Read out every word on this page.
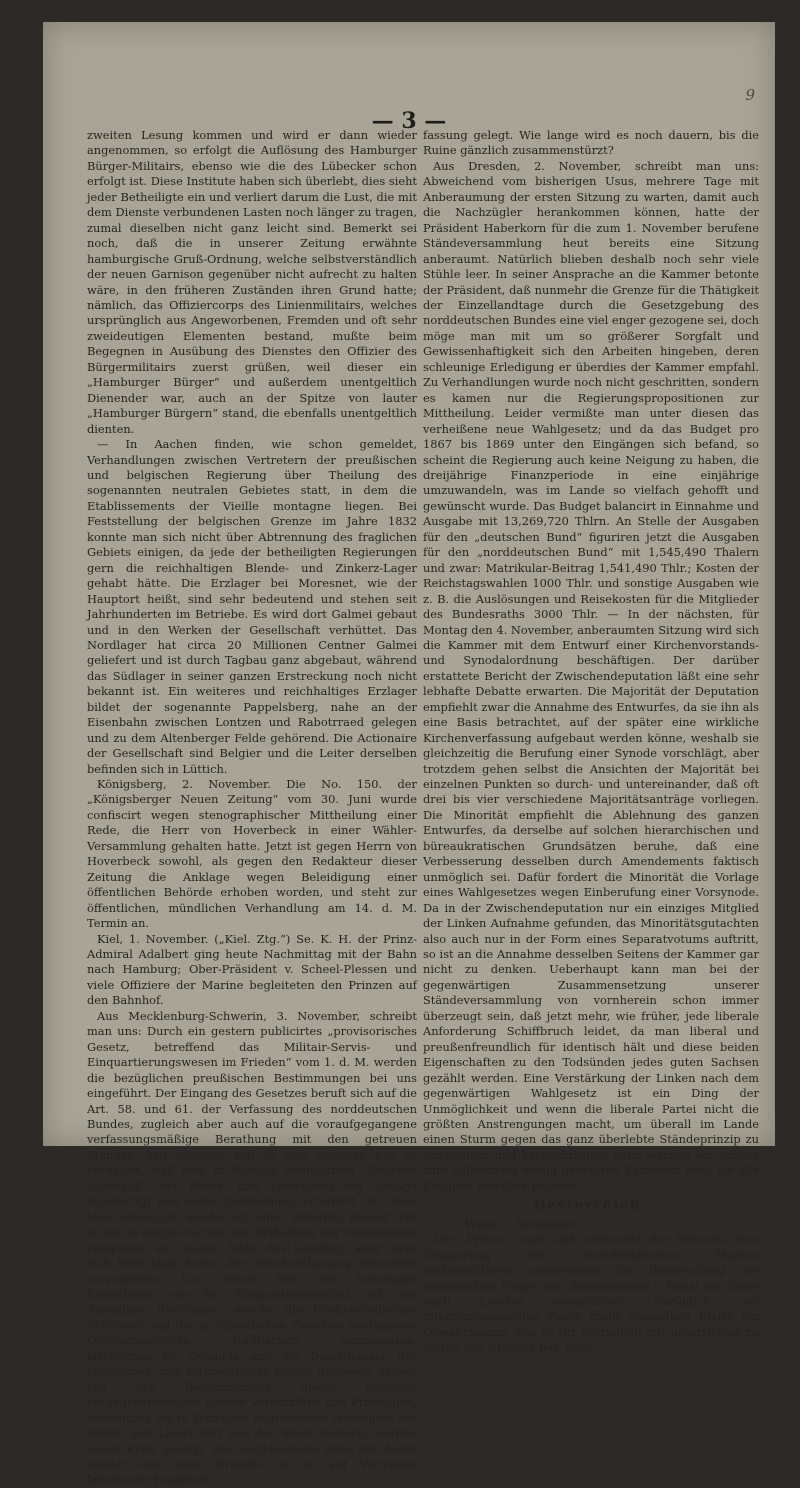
9
— 3 —

zweiten Lesung kommen und wird er dann wieder angenommen, so erfolgt die Auflösung des Hamburger Bürger-Militairs, ebenso wie die des Lübecker schon erfolgt ist. Diese Institute haben sich überlebt, dies sieht jeder Betheiligte ein und verliert darum die Lust, die mit dem Dienste verbundenen Lasten noch länger zu tragen, zumal dieselben nicht ganz leicht sind. Bemerkt sei noch, daß die in unserer Zeitung erwähnte hamburgische Gruß-Ordnung, welche selbstverständlich der neuen Garnison gegenüber nicht aufrecht zu halten wäre, in den früheren Zuständen ihren Grund hatte; nämlich, das Offiziercorps des Linienmilitairs, welches ursprünglich aus Angeworbenen, Fremden und oft sehr zweideutigen Elementen bestand, mußte beim Begegnen in Ausübung des Dienstes den Offizier des Bürgermilitairs zuerst grüßen, weil dieser ein „Hamburger Bürger“ und außerdem unentgeltlich Dienender war, auch an der Spitze von lauter „Hamburger Bürgern“ stand, die ebenfalls unentgeltlich dienten.

— In Aachen finden, wie schon gemeldet, Verhandlungen zwischen Vertretern der preußischen und belgischen Regierung über Theilung des sogenannten neutralen Gebietes statt, in dem die Etablissements der Vieille montagne liegen. Bei Feststellung der belgischen Grenze im Jahre 1832 konnte man sich nicht über Abtrennung des fraglichen Gebiets einigen, da jede der betheiligten Regierungen gern die reichhaltigen Blende- und Zinkerz-Lager gehabt hätte. Die Erzlager bei Moresnet, wie der Hauptort heißt, sind sehr bedeutend und stehen seit Jahrhunderten im Betriebe. Es wird dort Galmei gebaut und in den Werken der Gesellschaft verhüttet. Das Nordlager hat circa 20 Millionen Centner Galmei geliefert und ist durch Tagbau ganz abgebaut, während das Südlager in seiner ganzen Erstreckung noch nicht bekannt ist. Ein weiteres und reichhaltiges Erzlager bildet der sogenannte Pappelsberg, nahe an der Eisenbahn zwischen Lontzen und Rabotrraed gelegen und zu dem Altenberger Felde gehörend. Die Actionaire der Gesellschaft sind Belgier und die Leiter derselben befinden sich in Lüttich.

Königsberg, 2. November. Die No. 150. der „Königsberger Neuen Zeitung“ vom 30. Juni wurde confiscirt wegen stenographischer Mittheilung einer Rede, die Herr von Hoverbeck in einer Wähler-Versammlung gehalten hatte. Jetzt ist gegen Herrn von Hoverbeck sowohl, als gegen den Redakteur dieser Zeitung die Anklage wegen Beleidigung einer öffentlichen Behörde erhoben worden, und steht zur öffentlichen, mündlichen Verhandlung am 14. d. M. Termin an.

Kiel, 1. November. („Kiel. Ztg.“) Se. K. H. der Prinz-Admiral Adalbert ging heute Nachmittag mit der Bahn nach Hamburg; Ober-Präsident v. Scheel-Plessen und viele Offiziere der Marine begleiteten den Prinzen auf den Bahnhof.

Aus Mecklenburg-Schwerin, 3. November, schreibt man uns: Durch ein gestern publicirtes „provisorisches Gesetz, betreffend das Militair-Servis- und Einquartierungswesen im Frieden“ vom 1. d. M. werden die bezüglichen preußischen Bestimmungen bei uns eingeführt. Der Eingang des Gesetzes beruft sich auf die Art. 58. und 61. der Verfassung des norddeutschen Bundes, zugleich aber auch auf die voraufgegangene verfassungsmäßige Berathung mit den getreuen Ständen. Mit letzterer soll es sich indessen nur so verhalten, daß dem in Rostock domicilirten „Engeren Ausschuß“ der Ritter- und Landschaft die Vorlage zugefertigt und seine Zustimmung erfordert ist, diese aber verweigert worden ist, unter Berufung darauf, daß er nur in eiligen Sachen zur Ertheilung der Zustimmung competent sei, wegen Nähe des Landtags aber nicht sich berechtigt halte, der Beschlußfassung desselben vorzugreifen. Das Gesetz hebt alle bisherigen Exemtionen von der Einquartierungslast auf, mit Ausnahme derjenigen, welche die Großherzoglichen Schlösser und die zu öffentlichen Zwecken bestimmten Großherzoglichen, städtischen, communalen, kirchlichen zc. Gebäude und die Diensthäuser der Geistlichen und Kirchendiener bisher genossen haben. Die den Bestimmungen dieses Gesetzes entgegenstehenden älteren Vorschriften und Privilegien, namentlich die in Verträgen begründeten Privilegien der Ritter- und Landschaft und der Stadt Rostock, werden außer Kraft gesetzt. Der norddeutsche Bund hat damit wieder eine neue Bresche in die auf Verträgen beruhende Feudalver-

fassung gelegt. Wie lange wird es noch dauern, bis die Ruine gänzlich zusammenstürzt?

Aus Dresden, 2. November, schreibt man uns: Abweichend vom bisherigen Usus, mehrere Tage mit Anberaumung der ersten Sitzung zu warten, damit auch die Nachzügler herankommen können, hatte der Präsident Haberkorn für die zum 1. November berufene Ständeversammlung heut bereits eine Sitzung anberaumt. Natürlich blieben deshalb noch sehr viele Stühle leer. In seiner Ansprache an die Kammer betonte der Präsident, daß nunmehr die Grenze für die Thätigkeit der Einzellandtage durch die Gesetzgebung des norddeutschen Bundes eine viel enger gezogene sei, doch möge man mit um so größerer Sorgfalt und Gewissenhaftigkeit sich den Arbeiten hingeben, deren schleunige Erledigung er überdies der Kammer empfahl. Zu Verhandlungen wurde noch nicht geschritten, sondern es kamen nur die Regierungspropositionen zur Mittheilung. Leider vermißte man unter diesen das verheißene neue Wahlgesetz; und da das Budget pro 1867 bis 1869 unter den Eingängen sich befand, so scheint die Regierung auch keine Neigung zu haben, die dreijährige Finanzperiode in eine einjährige umzuwandeln, was im Lande so vielfach gehofft und gewünscht wurde. Das Budget balancirt in Einnahme und Ausgabe mit 13,269,720 Thlrn. An Stelle der Ausgaben für den „deutschen Bund“ figuriren jetzt die Ausgaben für den „norddeutschen Bund“ mit 1,545,490 Thalern und zwar: Matrikular-Beitrag 1,541,490 Thlr.; Kosten der Reichstagswahlen 1000 Thlr. und sonstige Ausgaben wie z. B. die Auslösungen und Reisekosten für die Mitglieder des Bundesraths 3000 Thlr. — In der nächsten, für Montag den 4. November, anberaumten Sitzung wird sich die Kammer mit dem Entwurf einer Kirchenvorstands- und Synodalordnung beschäftigen. Der darüber erstattete Bericht der Zwischendeputation läßt eine sehr lebhafte Debatte erwarten. Die Majorität der Deputation empfiehlt zwar die Annahme des Entwurfes, da sie ihn als eine Basis betrachtet, auf der später eine wirkliche Kirchenverfassung aufgebaut werden könne, weshalb sie gleichzeitig die Berufung einer Synode vorschlägt, aber trotzdem gehen selbst die Ansichten der Majorität bei einzelnen Punkten so durch- und untereinander, daß oft drei bis vier verschiedene Majoritätsanträge vorliegen. Die Minorität empfiehlt die Ablehnung des ganzen Entwurfes, da derselbe auf solchen hierarchischen und büreaukratischen Grundsätzen beruhe, daß eine Verbesserung desselben durch Amendements faktisch unmöglich sei. Dafür fordert die Minorität die Vorlage eines Wahlgesetzes wegen Einberufung einer Vorsynode. Da in der Zwischendeputation nur ein einziges Mitglied der Linken Aufnahme gefunden, das Minoritätsgutachten also auch nur in der Form eines Separatvotums auftritt, so ist an die Annahme desselben Seitens der Kammer gar nicht zu denken. Ueberhaupt kann man bei der gegenwärtigen Zusammensetzung unserer Ständeversammlung von vornherein schon immer überzeugt sein, daß jetzt mehr, wie früher, jede liberale Anforderung Schiffbruch leidet, da man liberal und preußenfreundlich für identisch hält und diese beiden Eigenschaften zu den Todsünden jedes guten Sachsen gezählt werden. Eine Verstärkung der Linken nach dem gegenwärtigen Wahlgesetz ist ein Ding der Unmöglichkeit und wenn die liberale Partei nicht die größten Anstrengungen macht, um überall im Lande einen Sturm gegen das ganz überlebte Ständeprinzip zu organisiren und hervorzurufen, dann werden wir unsere zum Selbstmord wenig geneigten Kammern wohl für alle Ewigkeit behalten müssen.

Oesterreich.

Wien, 3. November.

Die „Presse“ sagt, daß einerseits der Versuch, eine Gruppirung der abendländischen Staaten herbeizuführen, andererseits die Besprechung der italienischen Frage, den Staatskanzler v. Beust zur Reise nach London veranlaßten. Bezüglich der interconfessionellen Frage theilt demselben Blatte ein Gewährsmann, den es für vorzüglich gut unterrichtet zu halten alle Ursache hat, über
